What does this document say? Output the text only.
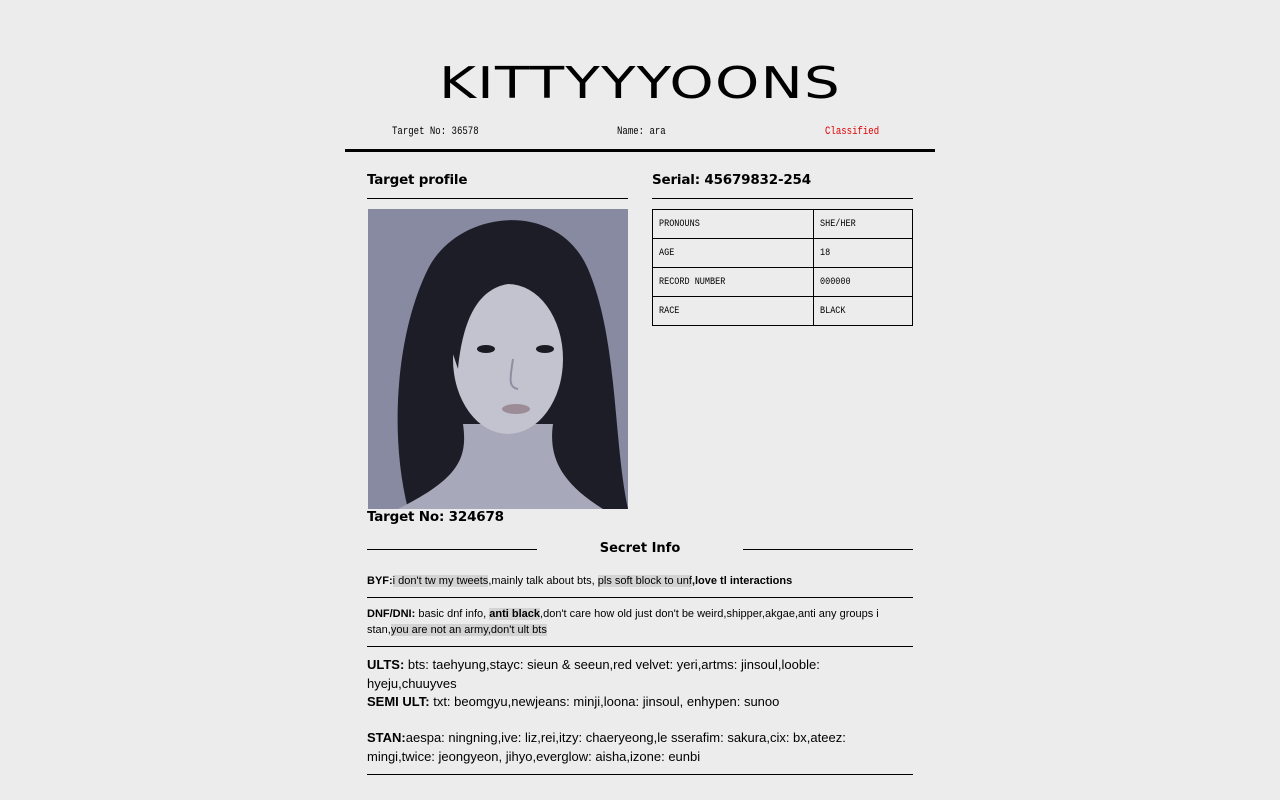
KITTYYYOONS
Target No: 36578	Name: ara	Classified
Target profile	Serial: 45679832-254
Target No: 324678
PRONOUNS	SHE/HER
AGE	18
RECORD NUMBER	000000
RACE	BLACK
Secret Info
BYF:i don't tw my tweets,mainly talk about bts, pls soft block to unf,love tl interactions
DNF/DNI: basic dnf info, anti black,don't care how old just don't be weird,shipper,akgae,anti any groups i stan,you are not an army,don't ult bts
ULTS: bts: taehyung,stayc: sieun & seeun,red velvet: yeri,artms: jinsoul,looble: hyeju,chuuyves
SEMI ULT: txt: beomgyu,newjeans: minji,loona: jinsoul, enhypen: sunoo
STAN:aespa: ningning,ive: liz,rei,itzy: chaeryeong,le sserafim: sakura,cix: bx,ateez: mingi,twice: jeongyeon, jihyo,everglow: aisha,izone: eunbi
